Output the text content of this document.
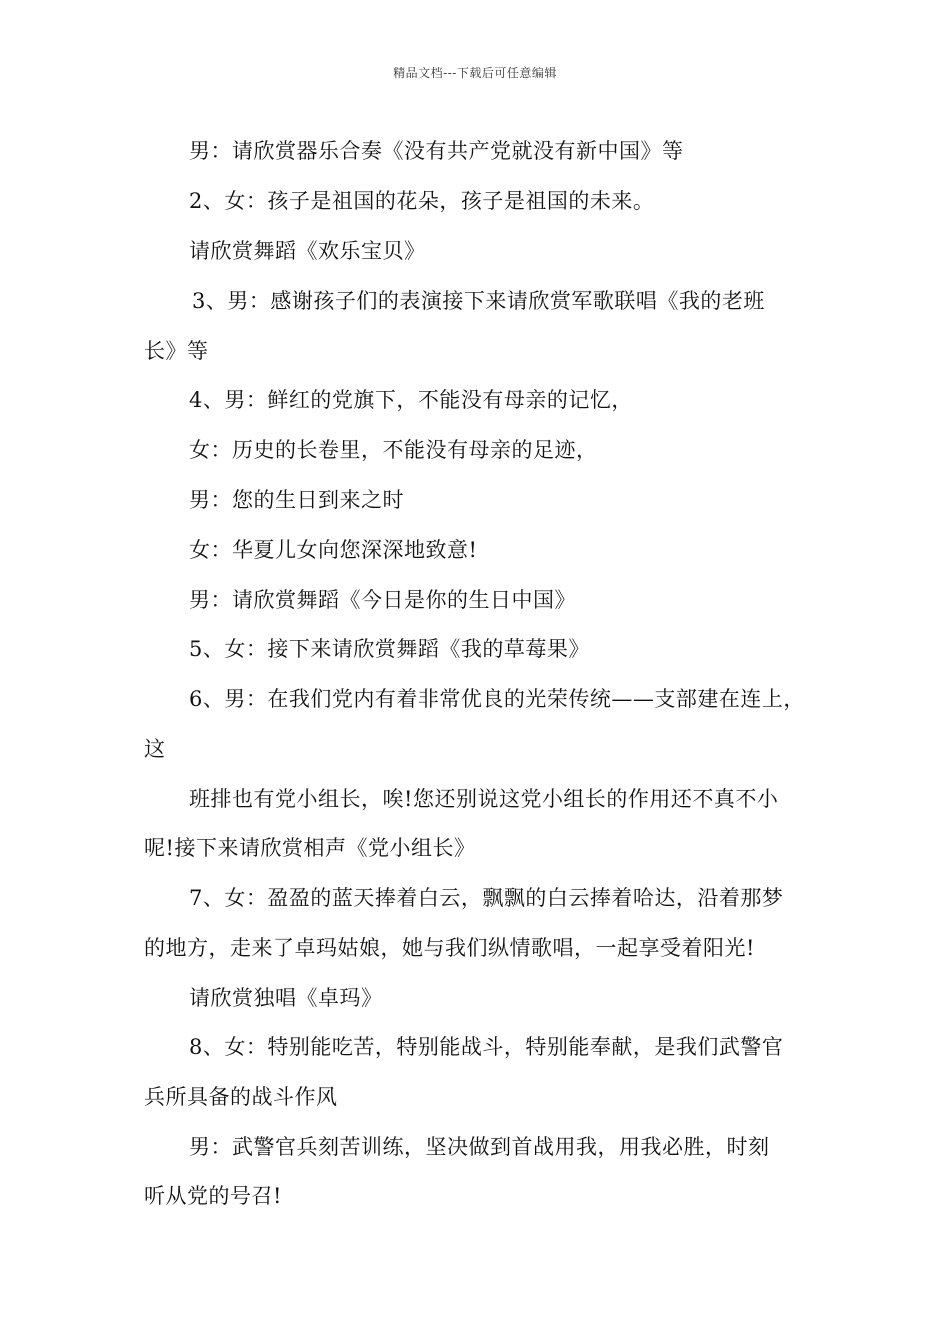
精品文档---下载后可任意编辑
男：请欣赏器乐合奏《没有共产党就没有新中国》等
2、女：孩子是祖国的花朵，孩子是祖国的未来。
请欣赏舞蹈《欢乐宝贝》
3、男：感谢孩子们的表演接下来请欣赏军歌联唱《我的老班
长》等
4、男：鲜红的党旗下，不能没有母亲的记忆，
女：历史的长卷里，不能没有母亲的足迹，
男：您的生日到来之时
女：华夏儿女向您深深地致意!
男：请欣赏舞蹈《今日是你的生日中国》
5、女：接下来请欣赏舞蹈《我的草莓果》
6、男：在我们党内有着非常优良的光荣传统——支部建在连上，
这
班排也有党小组长，唉!您还别说这党小组长的作用还不真不小
呢!接下来请欣赏相声《党小组长》
7、女：盈盈的蓝天捧着白云，飘飘的白云捧着哈达，沿着那梦
的地方，走来了卓玛姑娘，她与我们纵情歌唱，一起享受着阳光!
请欣赏独唱《卓玛》
8、女：特别能吃苦，特别能战斗，特别能奉献，是我们武警官
兵所具备的战斗作风
男：武警官兵刻苦训练，坚决做到首战用我，用我必胜，时刻
听从党的号召!
